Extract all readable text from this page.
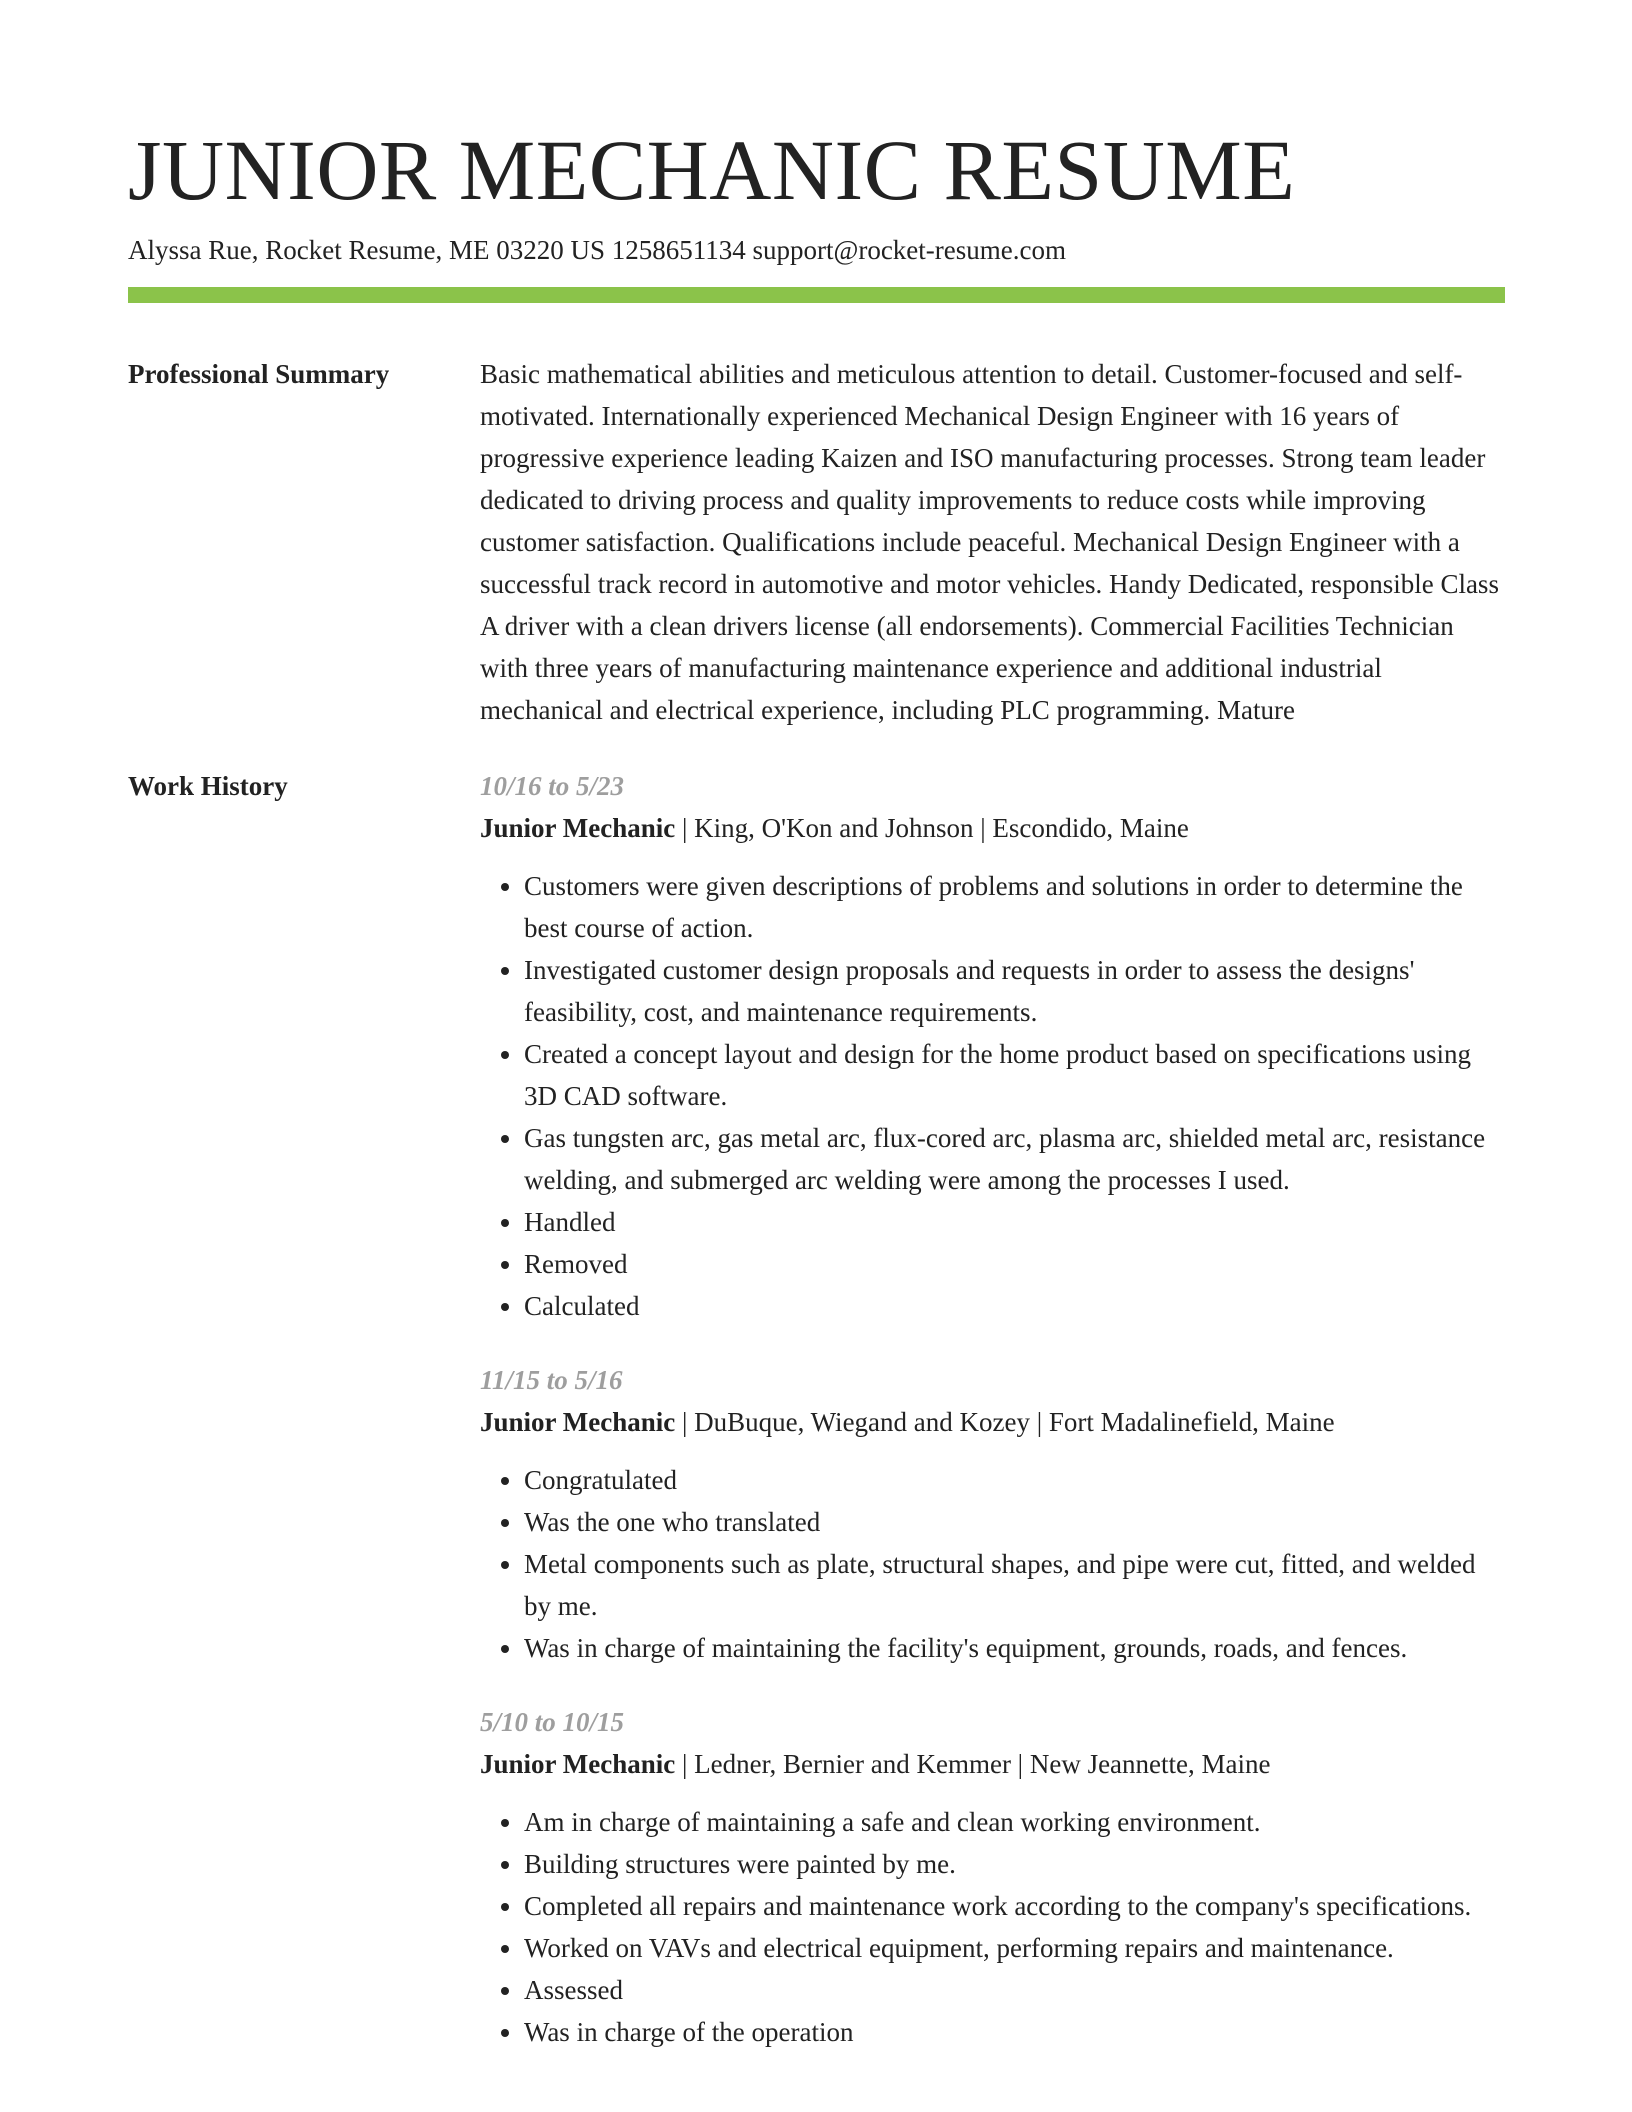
JUNIOR MECHANIC RESUME
Alyssa Rue, Rocket Resume, ME 03220 US 1258651134 support@rocket-resume.com
Professional Summary	Basic mathematical abilities and meticulous attention to detail. Customer-focused and self-motivated. Internationally experienced Mechanical Design Engineer with 16 years of progressive experience leading Kaizen and ISO manufacturing processes. Strong team leader dedicated to driving process and quality improvements to reduce costs while improving customer satisfaction. Qualifications include peaceful. Mechanical Design Engineer with a successful track record in automotive and motor vehicles. Handy Dedicated, responsible Class A driver with a clean drivers license (all endorsements). Commercial Facilities Technician with three years of manufacturing maintenance experience and additional industrial mechanical and electrical experience, including PLC programming. Mature

Work History	10/16 to 5/23
Junior Mechanic | King, O'Kon and Johnson | Escondido, Maine
• Customers were given descriptions of problems and solutions in order to determine the best course of action.
• Investigated customer design proposals and requests in order to assess the designs' feasibility, cost, and maintenance requirements.
• Created a concept layout and design for the home product based on specifications using 3D CAD software.
• Gas tungsten arc, gas metal arc, flux-cored arc, plasma arc, shielded metal arc, resistance welding, and submerged arc welding were among the processes I used.
• Handled
• Removed
• Calculated
11/15 to 5/16
Junior Mechanic | DuBuque, Wiegand and Kozey | Fort Madalinefield, Maine
• Congratulated
• Was the one who translated
• Metal components such as plate, structural shapes, and pipe were cut, fitted, and welded by me.
• Was in charge of maintaining the facility's equipment, grounds, roads, and fences.
5/10 to 10/15
Junior Mechanic | Ledner, Bernier and Kemmer | New Jeannette, Maine
• Am in charge of maintaining a safe and clean working environment.
• Building structures were painted by me.
• Completed all repairs and maintenance work according to the company's specifications.
• Worked on VAVs and electrical equipment, performing repairs and maintenance.
• Assessed
• Was in charge of the operation
